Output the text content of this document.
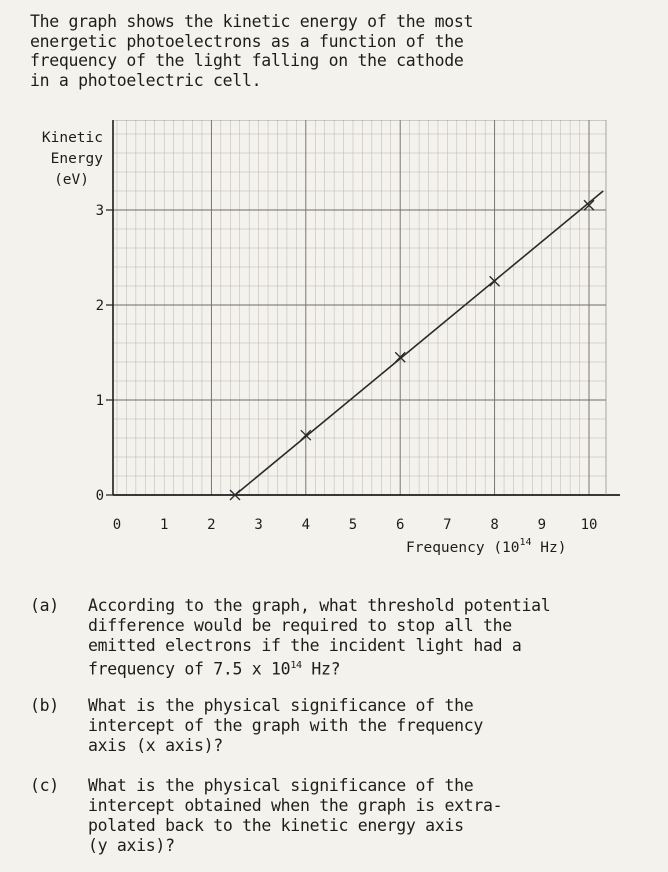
The graph shows the kinetic energy of the most
energetic photoelectrons as a function of the
frequency of the light falling on the cathode
in a photoelectric cell.
0	1	2	3	4	5	6	7	8	9 10
0
1
2
3
Kinetic
Energy
(eV)
Frequency ($10^{14}$ Hz)
(a) According to the graph, what threshold potential
difference would be required to stop all the
emitted electrons if the incident light had a
frequency of 7.5 x $10^{14}$ Hz?
(b) What is the physical significance of the
intercept of the graph with the frequency
axis (x axis)?
(c) What is the physical significance of the
intercept obtained when the graph is extra-
polated back to the kinetic energy axis
(y axis)?
